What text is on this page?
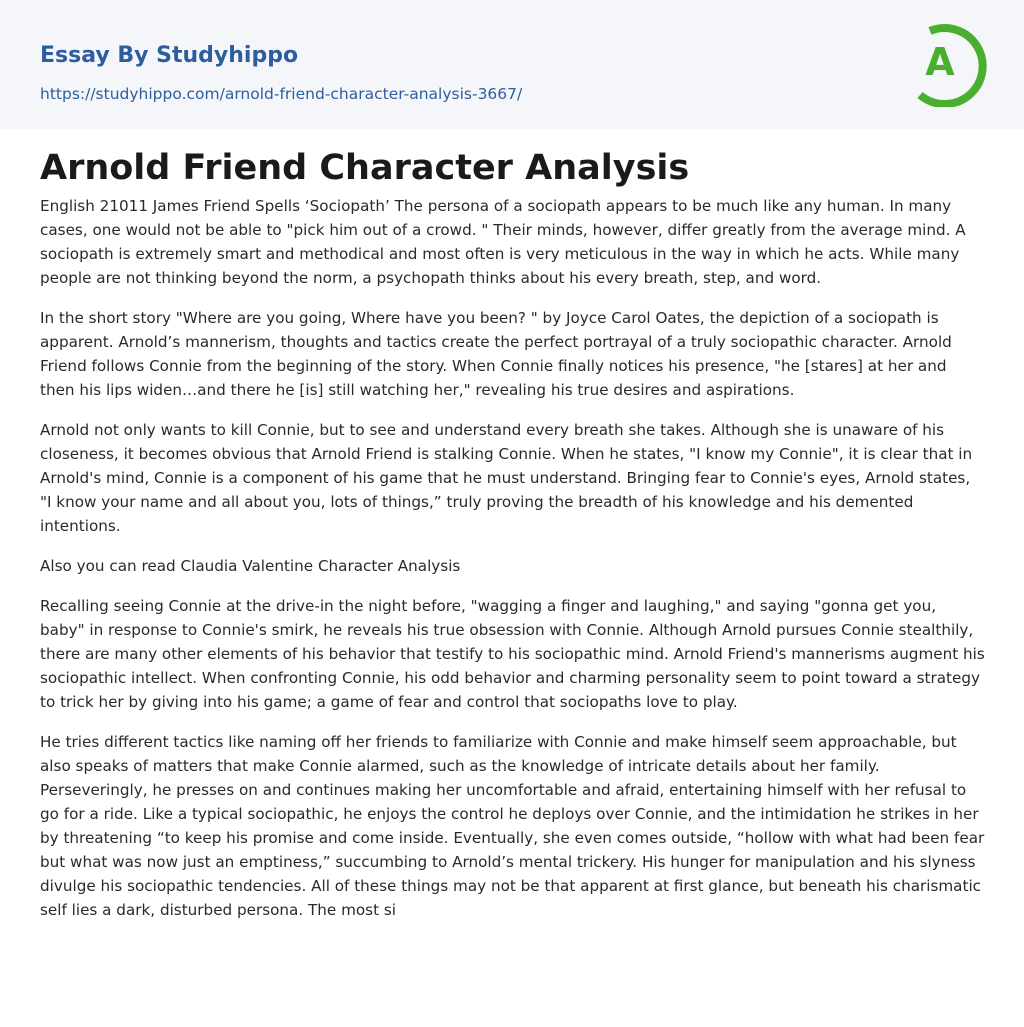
Essay By Studyhippo
https://studyhippo.com/arnold-friend-character-analysis-3667/
A
Arnold Friend Character Analysis

English 21011 James Friend Spells ‘Sociopath’ The persona of a sociopath appears to be much like any human. In many cases, one would not be able to "pick him out of a crowd. " Their minds, however, differ greatly from the average mind. A sociopath is extremely smart and methodical and most often is very meticulous in the way in which he acts. While many people are not thinking beyond the norm, a psychopath thinks about his every breath, step, and word.

In the short story "Where are you going, Where have you been? " by Joyce Carol Oates, the depiction of a sociopath is apparent. Arnold’s mannerism, thoughts and tactics create the perfect portrayal of a truly sociopathic character. Arnold Friend follows Connie from the beginning of the story. When Connie finally notices his presence, "he [stares] at her and then his lips widen…and there he [is] still watching her," revealing his true desires and aspirations.

Arnold not only wants to kill Connie, but to see and understand every breath she takes. Although she is unaware of his closeness, it becomes obvious that Arnold Friend is stalking Connie. When he states, "I know my Connie", it is clear that in Arnold's mind, Connie is a component of his game that he must understand. Bringing fear to Connie's eyes, Arnold states, "I know your name and all about you, lots of things,” truly proving the breadth of his knowledge and his demented intentions.

Also you can read Claudia Valentine Character Analysis

Recalling seeing Connie at the drive-in the night before, "wagging a finger and laughing," and saying "gonna get you, baby" in response to Connie's smirk, he reveals his true obsession with Connie. Although Arnold pursues Connie stealthily, there are many other elements of his behavior that testify to his sociopathic mind. Arnold Friend's mannerisms augment his sociopathic intellect. When confronting Connie, his odd behavior and charming personality seem to point toward a strategy to trick her by giving into his game; a game of fear and control that sociopaths love to play.

He tries different tactics like naming off her friends to familiarize with Connie and make himself seem approachable, but also speaks of matters that make Connie alarmed, such as the knowledge of intricate details about her family. Perseveringly, he presses on and continues making her uncomfortable and afraid, entertaining himself with her refusal to go for a ride. Like a typical sociopathic, he enjoys the control he deploys over Connie, and the intimidation he strikes in her by threatening “to keep his promise and come inside. Eventually, she even comes outside, “hollow with what had been fear but what was now just an emptiness,” succumbing to Arnold’s mental trickery. His hunger for manipulation and his slyness divulge his sociopathic tendencies. All of these things may not be that apparent at first glance, but beneath his charismatic self lies a dark, disturbed persona. The most si
